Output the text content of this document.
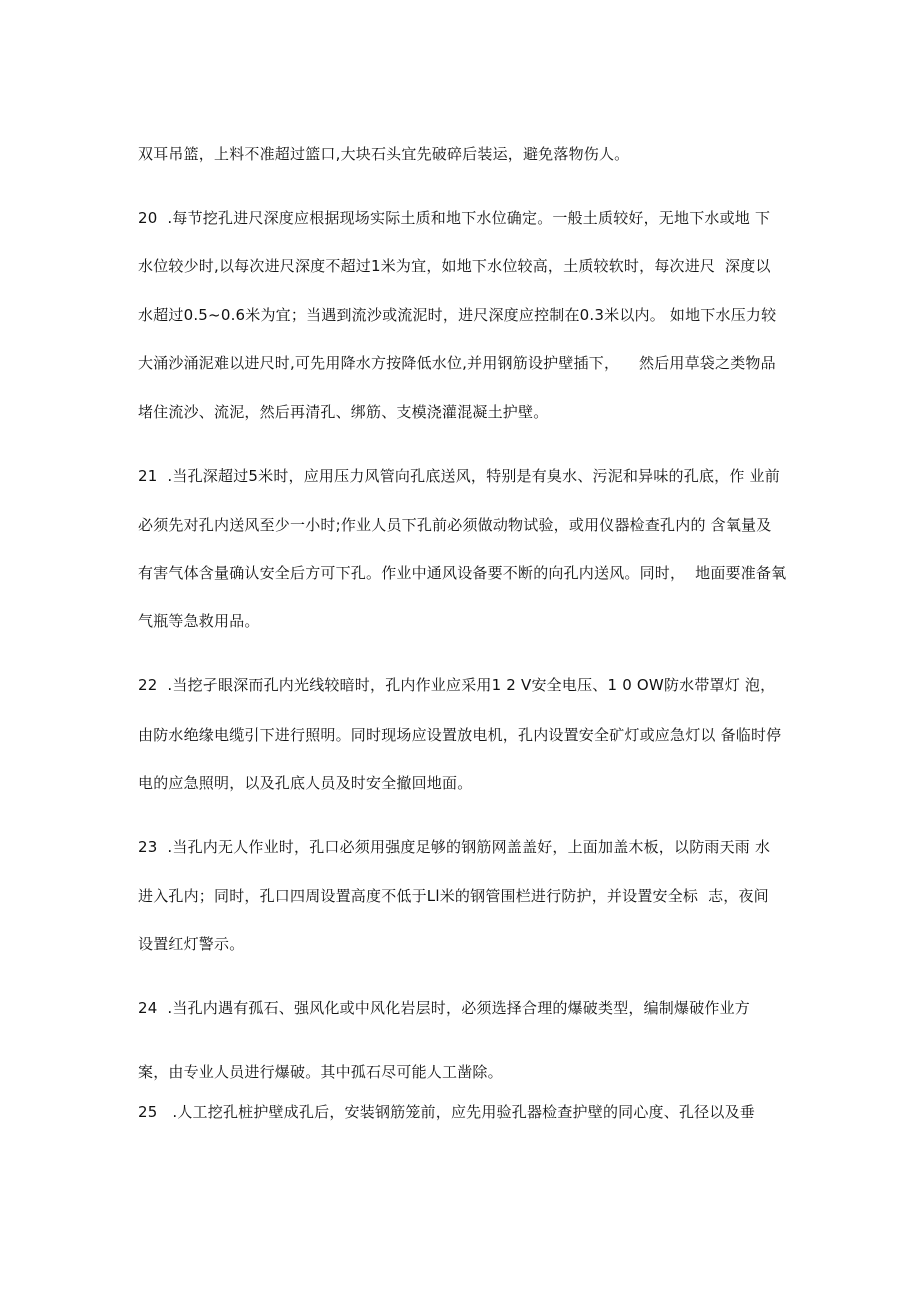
双耳吊篮，上料不准超过篮口,大块石头宜先破碎后装运，避免落物伤人。
20  .每节挖孔进尺深度应根据现场实际土质和地下水位确定。一般土质较好，无地下水或地 下
水位较少时,以每次进尺深度不超过1米为宜，如地下水位较高，土质较软时，每次进尺  深度以
水超过0.5~0.6米为宜；当遇到流沙或流泥时，进尺深度应控制在0.3米以内。 如地下水压力较
大涌沙涌泥难以进尺时,可先用降水方按降低水位,并用钢筋设护壁插下，    然后用草袋之类物品
堵住流沙、流泥，然后再清孔、绑筋、支模浇灌混凝土护壁。
21  .当孔深超过5米时，应用压力风管向孔底送风，特别是有臭水、污泥和异味的孔底，作 业前
必须先对孔内送风至少一小时;作业人员下孔前必须做动物试验，或用仪器检查孔内的 含氧量及
有害气体含量确认安全后方可下孔。作业中通风设备要不断的向孔内送风。同时，  地面要准备氧
气瓶等急救用品。
22  .当挖孑眼深而孔内光线较暗时，孔内作业应采用1 2 V安全电压、1 0 OW防水带罩灯 泡，
由防水绝缘电缆引下进行照明。同时现场应设置放电机，孔内设置安全矿灯或应急灯以 备临时停
电的应急照明，以及孔底人员及时安全撤回地面。
23  .当孔内无人作业时，孔口必须用强度足够的钢筋网盖盖好，上面加盖木板，以防雨天雨 水
进入孔内；同时，孔口四周设置高度不低于Ll米的钢管围栏进行防护，并设置安全标  志，夜间
设置红灯警示。
24  .当孔内遇有孤石、强风化或中风化岩层时，必须选择合理的爆破类型，编制爆破作业方
案，由专业人员进行爆破。其中孤石尽可能人工凿除。
25   .人工挖孔桩护壁成孔后，安装钢筋笼前，应先用验孔器检查护壁的同心度、孔径以及垂
